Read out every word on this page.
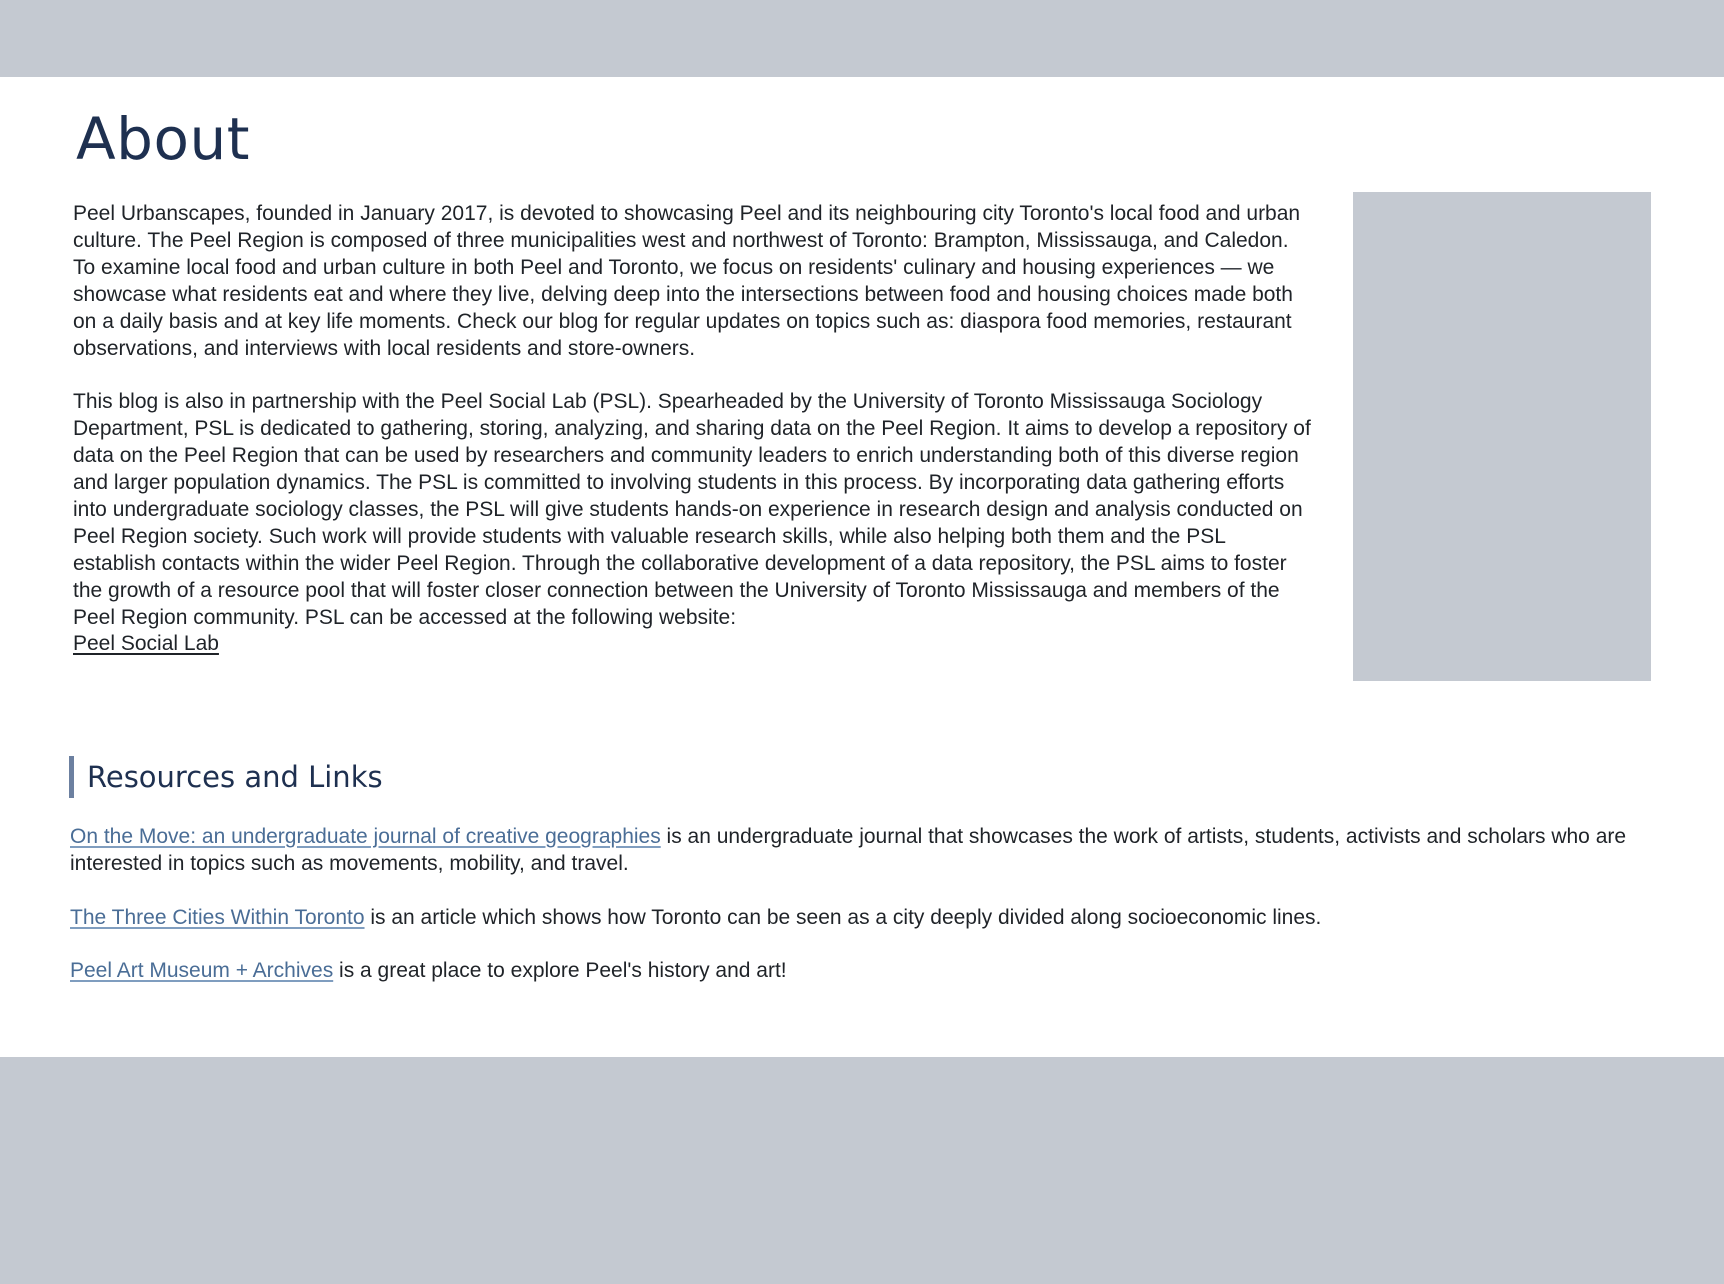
About

Peel Urbanscapes, founded in January 2017, is devoted to showcasing Peel and its neighbouring city Toronto's local food and urban culture. The Peel Region is composed of three municipalities west and northwest of Toronto: Brampton, Mississauga, and Caledon. To examine local food and urban culture in both Peel and Toronto, we focus on residents' culinary and housing experiences — we showcase what residents eat and where they live, delving deep into the intersections between food and housing choices made both on a daily basis and at key life moments. Check our blog for regular updates on topics such as: diaspora food memories, restaurant observations, and interviews with local residents and store-owners.

This blog is also in partnership with the Peel Social Lab (PSL). Spearheaded by the University of Toronto Mississauga Sociology Department, PSL is dedicated to gathering, storing, analyzing, and sharing data on the Peel Region. It aims to develop a repository of data on the Peel Region that can be used by researchers and community leaders to enrich understanding both of this diverse region and larger population dynamics. The PSL is committed to involving students in this process. By incorporating data gathering efforts into undergraduate sociology classes, the PSL will give students hands-on experience in research design and analysis conducted on Peel Region society. Such work will provide students with valuable research skills, while also helping both them and the PSL establish contacts within the wider Peel Region. Through the collaborative development of a data repository, the PSL aims to foster the growth of a resource pool that will foster closer connection between the University of Toronto Mississauga and members of the Peel Region community. PSL can be accessed at the following website:
Peel Social Lab

Resources and Links

On the Move: an undergraduate journal of creative geographies is an undergraduate journal that showcases the work of artists, students, activists and scholars who are interested in topics such as movements, mobility, and travel.

The Three Cities Within Toronto is an article which shows how Toronto can be seen as a city deeply divided along socioeconomic lines.

Peel Art Museum + Archives is a great place to explore Peel's history and art!
